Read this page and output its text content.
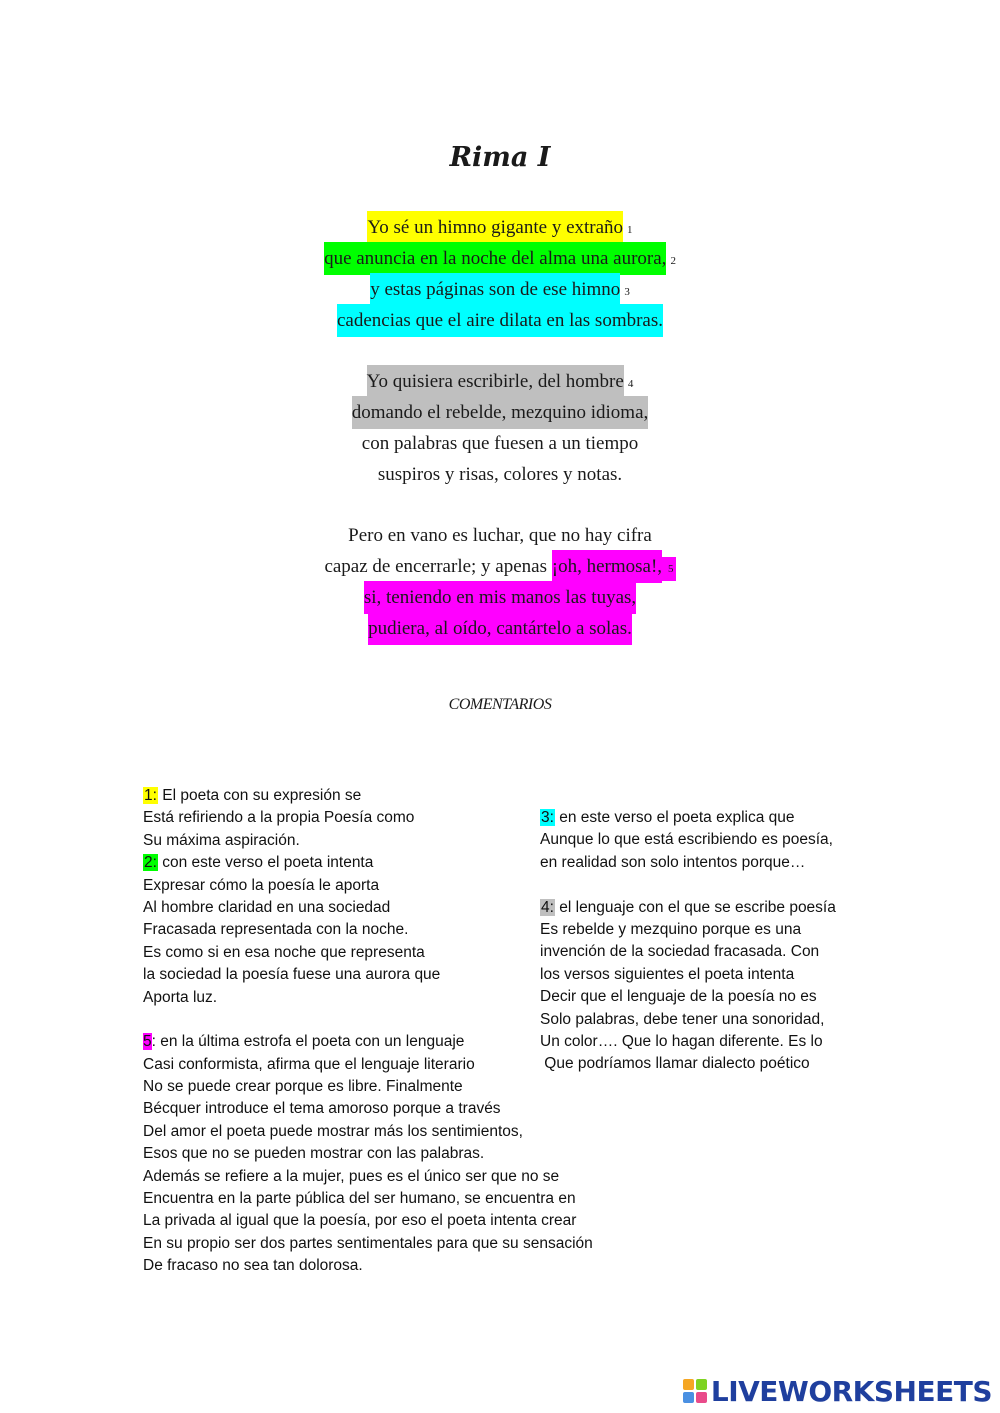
Rima I
Yo sé un himno gigante y extraño 1
que anuncia en la noche del alma una aurora, 2
y estas páginas son de ese himno 3
cadencias que el aire dilata en las sombras.
Yo quisiera escribirle, del hombre 4
domando el rebelde, mezquino idioma,
con palabras que fuesen a un tiempo
suspiros y risas, colores y notas.
Pero en vano es luchar, que no hay cifra
capaz de encerrarle; y apenas ¡oh, hermosa!, 5
si, teniendo en mis manos las tuyas,
pudiera, al oído, cantártelo a solas.
COMENTARIOS
1: El poeta con su expresión se
Está refiriendo a la propia Poesía como
Su máxima aspiración.
2: con este verso el poeta intenta
Expresar cómo la poesía le aporta
Al hombre claridad en una sociedad
Fracasada representada con la noche.
Es como si en esa noche que representa
la sociedad la poesía fuese una aurora que
Aporta luz.
5: en la última estrofa el poeta con un lenguaje
Casi conformista, afirma que el lenguaje literario
No se puede crear porque es libre. Finalmente
Bécquer introduce el tema amoroso porque a través
Del amor el poeta puede mostrar más los sentimientos,
Esos que no se pueden mostrar con las palabras.
Además se refiere a la mujer, pues es el único ser que no se
Encuentra en la parte pública del ser humano, se encuentra en
La privada al igual que la poesía, por eso el poeta intenta crear
En su propio ser dos partes sentimentales para que su sensación
De fracaso no sea tan dolorosa.
3: en este verso el poeta explica que
Aunque lo que está escribiendo es poesía,
en realidad son solo intentos porque…
4: el lenguaje con el que se escribe poesía
Es rebelde y mezquino porque es una
invención de la sociedad fracasada. Con
los versos siguientes el poeta intenta
Decir que el lenguaje de la poesía no es
Solo palabras, debe tener una sonoridad,
Un color…. Que lo hagan diferente. Es lo
Que podríamos llamar dialecto poético
LIVEWORKSHEETS
